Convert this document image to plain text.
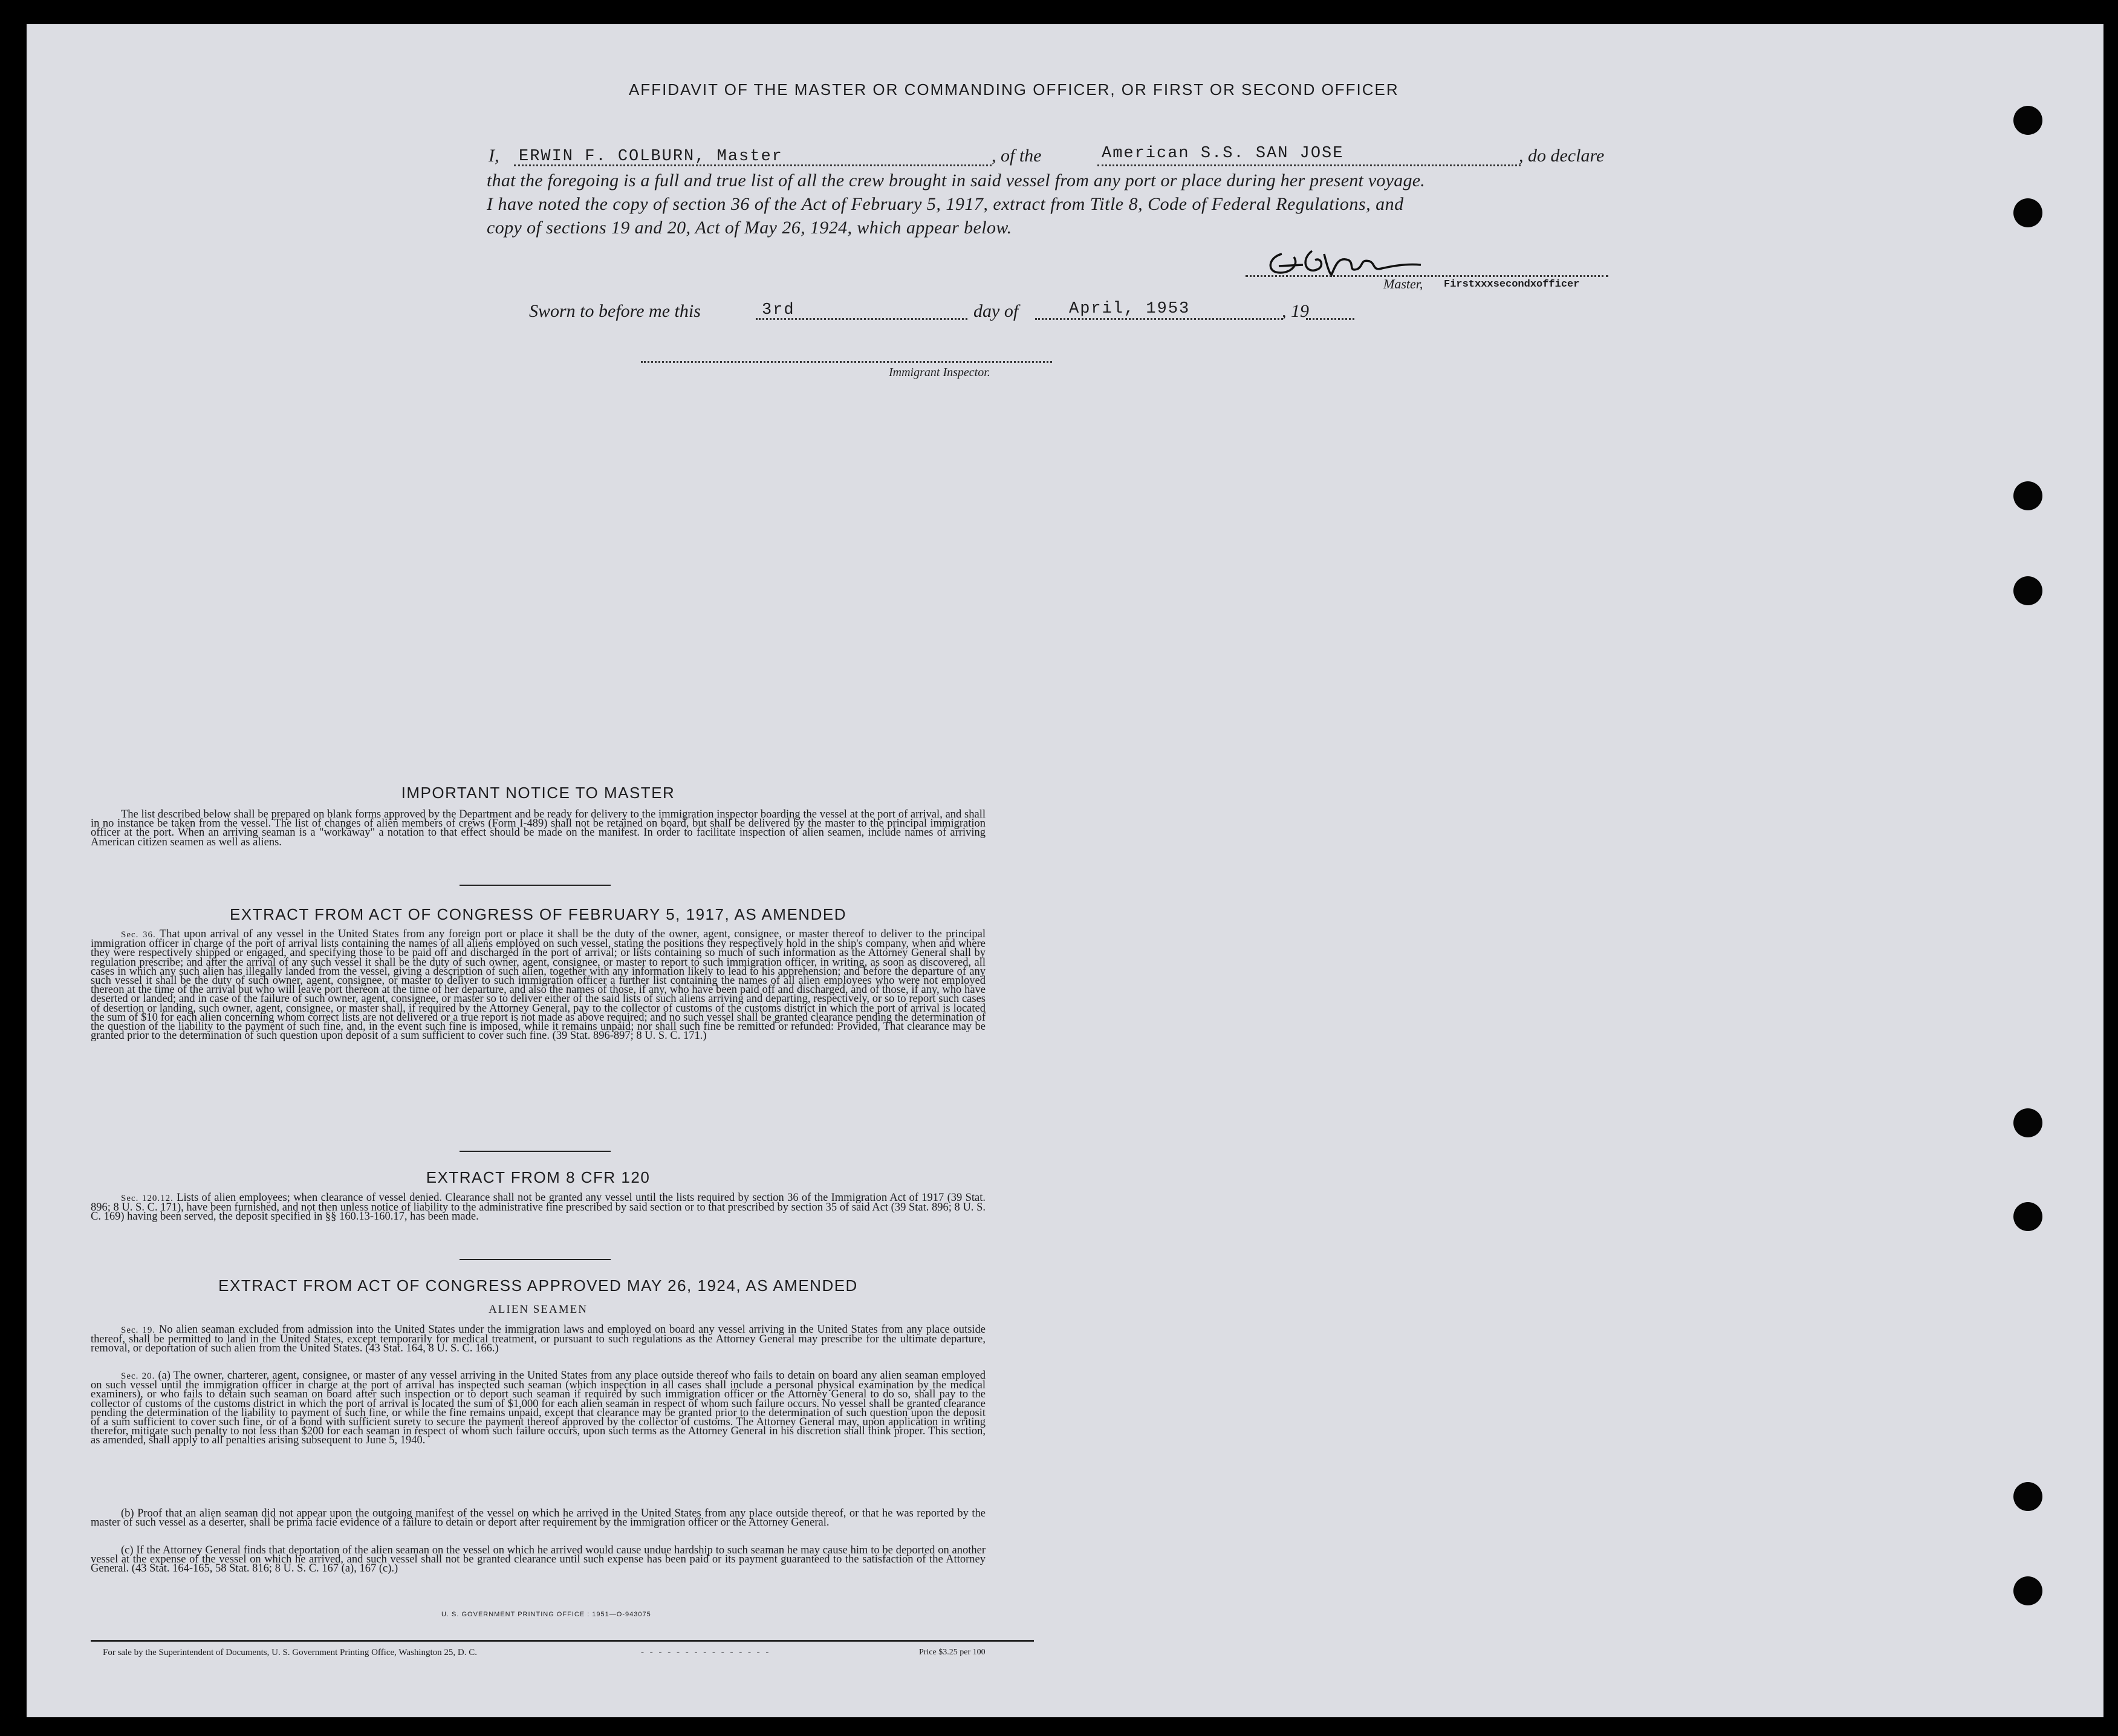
AFFIDAVIT OF THE MASTER OR COMMANDING OFFICER, OR FIRST OR SECOND OFFICER
I, ERWIN F. COLBURN, Master	, of the	American S.S. SAN JOSE	, do declare
that the foregoing is a full and true list of all the crew brought in said vessel from any port or place during her present voyage.
I have noted the copy of section 36 of the Act of February 5, 1917, extract from Title 8, Code of Federal Regulations, and
copy of sections 19 and 20, Act of May 26, 1924, which appear below.
Master, Firstxxxsecondxofficer
Sworn to before me this	3rd	day of	April, 1953	, 19
Immigrant Inspector.
IMPORTANT NOTICE TO MASTER
The list described below shall be prepared on blank forms approved by the Department and be ready for delivery to the immigration inspector boarding the vessel at the port of arrival, and shall in no instance be taken from the vessel. The list of changes of alien members of crews (Form I-489) shall not be retained on board, but shall be delivered by the master to the principal immigration officer at the port. When an arriving seaman is a "workaway" a notation to that effect should be made on the manifest. In order to facilitate inspection of alien seamen, include names of arriving American citizen seamen as well as aliens.
EXTRACT FROM ACT OF CONGRESS OF FEBRUARY 5, 1917, AS AMENDED
Sec. 36. That upon arrival of any vessel in the United States from any foreign port or place it shall be the duty of the owner, agent, consignee, or master thereof to deliver to the principal immigration officer in charge of the port of arrival lists containing the names of all aliens employed on such vessel, stating the positions they respectively hold in the ship's company, when and where they were respectively shipped or engaged, and specifying those to be paid off and discharged in the port of arrival; or lists containing so much of such information as the Attorney General shall by regulation prescribe; and after the arrival of any such vessel it shall be the duty of such owner, agent, consignee, or master to report to such immigration officer, in writing, as soon as discovered, all cases in which any such alien has illegally landed from the vessel, giving a description of such alien, together with any information likely to lead to his apprehension; and before the departure of any such vessel it shall be the duty of such owner, agent, consignee, or master to deliver to such immigration officer a further list containing the names of all alien employees who were not employed thereon at the time of the arrival but who will leave port thereon at the time of her departure, and also the names of those, if any, who have been paid off and discharged, and of those, if any, who have deserted or landed; and in case of the failure of such owner, agent, consignee, or master so to deliver either of the said lists of such aliens arriving and departing, respectively, or so to report such cases of desertion or landing, such owner, agent, consignee, or master shall, if required by the Attorney General, pay to the collector of customs of the customs district in which the port of arrival is located the sum of $10 for each alien concerning whom correct lists are not delivered or a true report is not made as above required; and no such vessel shall be granted clearance pending the determination of the question of the liability to the payment of such fine, and, in the event such fine is imposed, while it remains unpaid; nor shall such fine be remitted or refunded: Provided, That clearance may be granted prior to the determination of such question upon deposit of a sum sufficient to cover such fine. (39 Stat. 896-897; 8 U. S. C. 171.)
EXTRACT FROM 8 CFR 120
Sec. 120.12. Lists of alien employees; when clearance of vessel denied. Clearance shall not be granted any vessel until the lists required by section 36 of the Immigration Act of 1917 (39 Stat. 896; 8 U. S. C. 171), have been furnished, and not then unless notice of liability to the administrative fine prescribed by said section or to that prescribed by section 35 of said Act (39 Stat. 896; 8 U. S. C. 169) having been served, the deposit specified in §§ 160.13-160.17, has been made.
EXTRACT FROM ACT OF CONGRESS APPROVED MAY 26, 1924, AS AMENDED
ALIEN SEAMEN
Sec. 19. No alien seaman excluded from admission into the United States under the immigration laws and employed on board any vessel arriving in the United States from any place outside thereof, shall be permitted to land in the United States, except temporarily for medical treatment, or pursuant to such regulations as the Attorney General may prescribe for the ultimate departure, removal, or deportation of such alien from the United States. (43 Stat. 164, 8 U. S. C. 166.)
Sec. 20. (a) The owner, charterer, agent, consignee, or master of any vessel arriving in the United States from any place outside thereof who fails to detain on board any alien seaman employed on such vessel until the immigration officer in charge at the port of arrival has inspected such seaman (which inspection in all cases shall include a personal physical examination by the medical examiners), or who fails to detain such seaman on board after such inspection or to deport such seaman if required by such immigration officer or the Attorney General to do so, shall pay to the collector of customs of the customs district in which the port of arrival is located the sum of $1,000 for each alien seaman in respect of whom such failure occurs. No vessel shall be granted clearance pending the determination of the liability to payment of such fine, or while the fine remains unpaid, except that clearance may be granted prior to the determination of such question upon the deposit of a sum sufficient to cover such fine, or of a bond with sufficient surety to secure the payment thereof approved by the collector of customs. The Attorney General may, upon application in writing therefor, mitigate such penalty to not less than $200 for each seaman in respect of whom such failure occurs, upon such terms as the Attorney General in his discretion shall think proper. This section, as amended, shall apply to all penalties arising subsequent to June 5, 1940.
(b) Proof that an alien seaman did not appear upon the outgoing manifest of the vessel on which he arrived in the United States from any place outside thereof, or that he was reported by the master of such vessel as a deserter, shall be prima facie evidence of a failure to detain or deport after requirement by the immigration officer or the Attorney General.
(c) If the Attorney General finds that deportation of the alien seaman on the vessel on which he arrived would cause undue hardship to such seaman he may cause him to be deported on another vessel at the expense of the vessel on which he arrived, and such vessel shall not be granted clearance until such expense has been paid or its payment guaranteed to the satisfaction of the Attorney General. (43 Stat. 164-165, 58 Stat. 816; 8 U. S. C. 167 (a), 167 (c).)
U. S. GOVERNMENT PRINTING OFFICE : 1951—O-943075
For sale by the Superintendent of Documents, U. S. Government Printing Office, Washington 25, D. C.	- - - - - - - - - - - - - - -	Price $3.25 per 100
